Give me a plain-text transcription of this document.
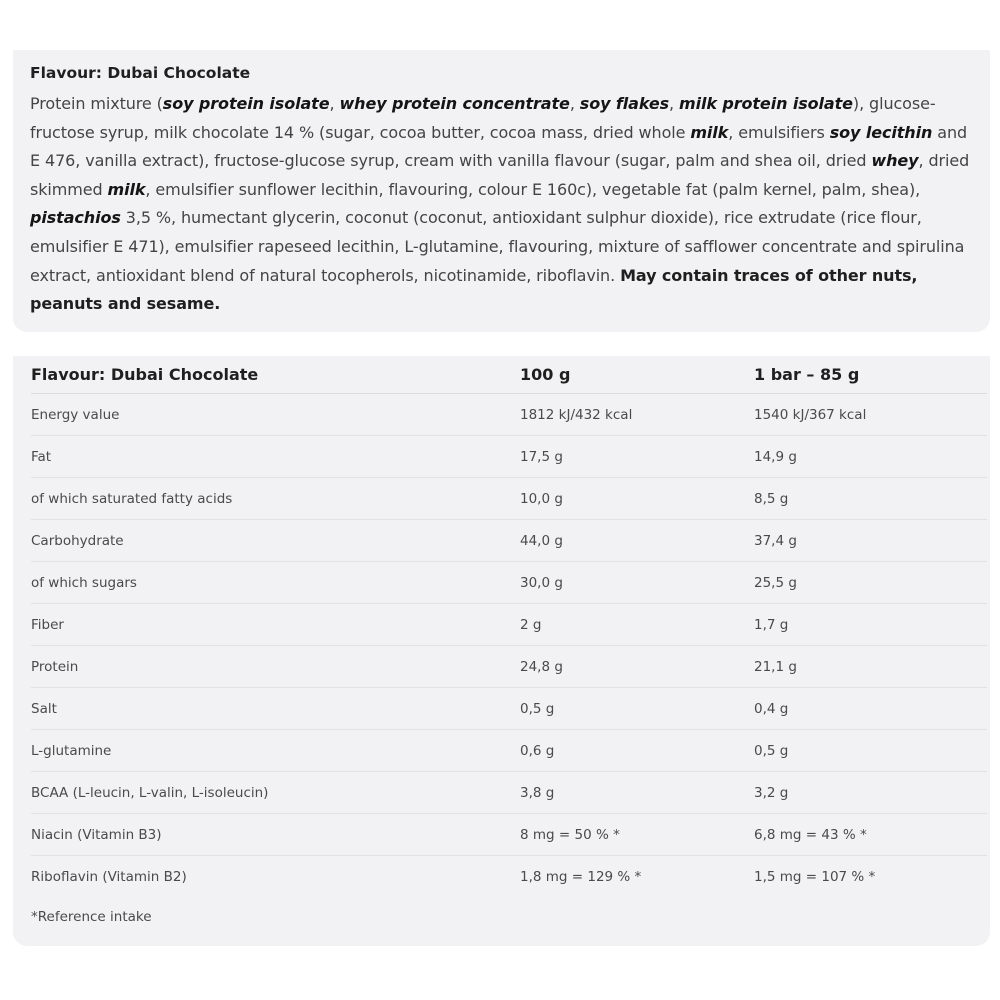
Flavour: Dubai Chocolate
Protein mixture (soy protein isolate, whey protein concentrate, soy flakes, milk protein isolate), glucose-fructose syrup, milk chocolate 14 % (sugar, cocoa butter, cocoa mass, dried whole milk, emulsifiers soy lecithin and E 476, vanilla extract), fructose-glucose syrup, cream with vanilla flavour (sugar, palm and shea oil, dried whey, dried skimmed milk, emulsifier sunflower lecithin, flavouring, colour E 160c), vegetable fat (palm kernel, palm, shea), pistachios 3,5 %, humectant glycerin, coconut (coconut, antioxidant sulphur dioxide), rice extrudate (rice flour, emulsifier E 471), emulsifier rapeseed lecithin, L-glutamine, flavouring, mixture of safflower concentrate and spirulina extract, antioxidant blend of natural tocopherols, nicotinamide, riboflavin. May contain traces of other nuts, peanuts and sesame.
Flavour: Dubai Chocolate	100 g	1 bar – 85 g
Energy value	1812 kJ/432 kcal	1540 kJ/367 kcal
Fat	17,5 g	14,9 g
of which saturated fatty acids	10,0 g	8,5 g
Carbohydrate	44,0 g	37,4 g
of which sugars	30,0 g	25,5 g
Fiber	2 g	1,7 g
Protein	24,8 g	21,1 g
Salt	0,5 g	0,4 g
L-glutamine	0,6 g	0,5 g
BCAA (L-leucin, L-valin, L-isoleucin)	3,8 g	3,2 g
Niacin (Vitamin B3)	8 mg = 50 % *	6,8 mg = 43 % *
Riboflavin (Vitamin B2)	1,8 mg = 129 % *	1,5 mg = 107 % *
*Reference intake
